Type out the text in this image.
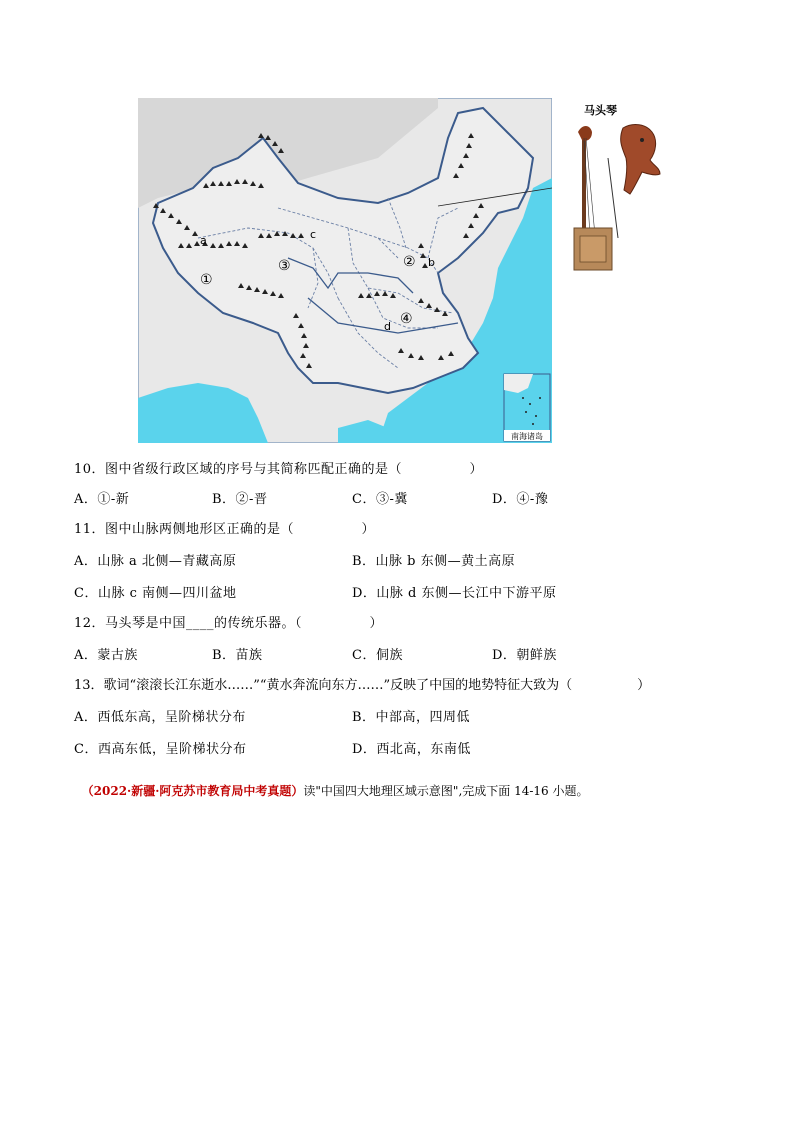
南海诸岛
①
③	②
④
a
b
c
d
马头琴
10．图中省级行政区域的序号与其简称匹配正确的是（　　　　　）
A．①-新	B．②-晋	C．③-冀	D．④-豫
11．图中山脉两侧地形区正确的是（　　　　　）
A．山脉 a 北侧—青藏高原	B．山脉 b 东侧—黄土高原
C．山脉 c 南侧—四川盆地	D．山脉 d 东侧—长江中下游平原
12．马头琴是中国____的传统乐器。（　　　　　）
A．蒙古族	B．苗族	C．侗族	D．朝鲜族
13．歌词“滚滚长江东逝水……”“黄水奔流向东方……”反映了中国的地势特征大致为（　　　　　）
A．西低东高，呈阶梯状分布	B．中部高，四周低
C．西高东低，呈阶梯状分布	D．西北高，东南低

（2022·新疆·阿克苏市教育局中考真题）读"中国四大地理区域示意图",完成下面 14-16 小题。
